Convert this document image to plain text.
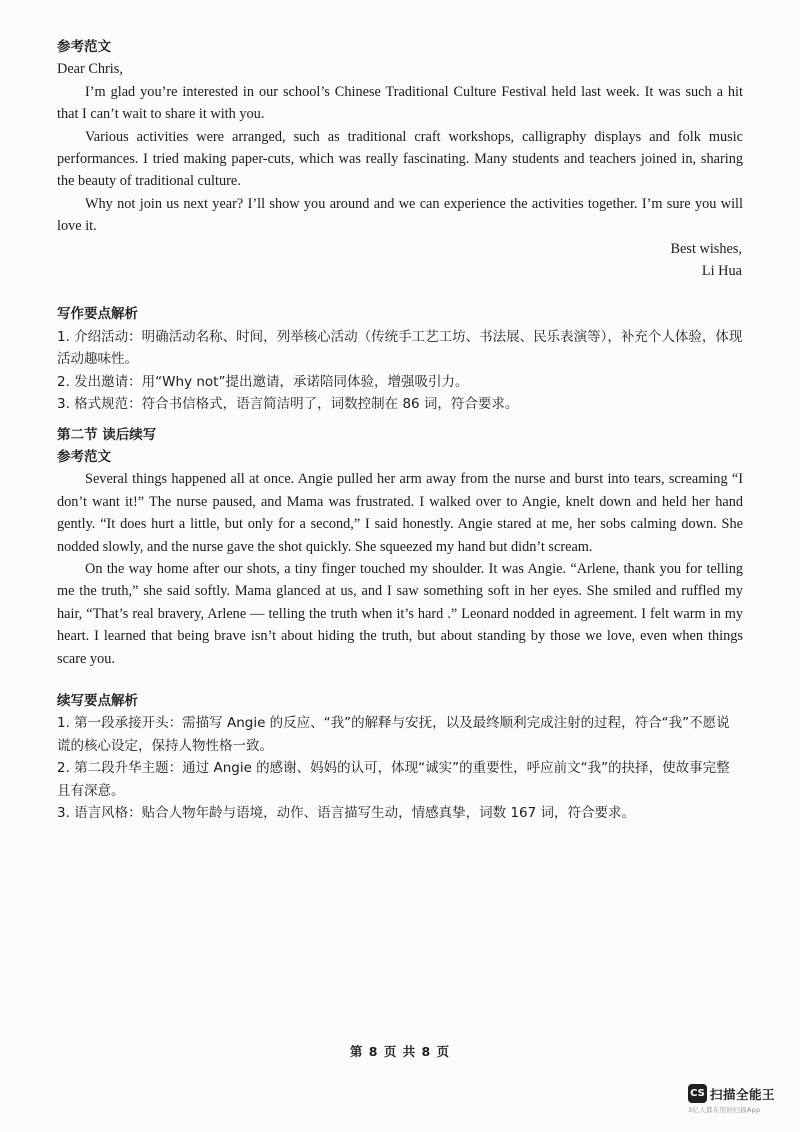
参考范文

Dear Chris,

I’m glad you’re interested in our school’s Chinese Traditional Culture Festival held last week. It was such a hit that I can’t wait to share it with you.

Various activities were arranged, such as traditional craft workshops, calligraphy displays and folk music performances. I tried making paper-cuts, which was really fascinating. Many students and teachers joined in, sharing the beauty of traditional culture.

Why not join us next year? I’ll show you around and we can experience the activities together. I’m sure you will love it.

Best wishes,

Li Hua

写作要点解析

1. 介绍活动：明确活动名称、时间，列举核心活动（传统手工艺工坊、书法展、民乐表演等），补充个人体验，体现活动趣味性。

2. 发出邀请：用“Why not”提出邀请，承诺陪同体验，增强吸引力。

3. 格式规范：符合书信格式，语言简洁明了，词数控制在 86 词，符合要求。

第二节 读后续写

参考范文

Several things happened all at once. Angie pulled her arm away from the nurse and burst into tears, screaming “I don’t want it!” The nurse paused, and Mama was frustrated. I walked over to Angie, knelt down and held her hand gently. “It does hurt a little, but only for a second,” I said honestly. Angie stared at me, her sobs calming down. She nodded slowly, and the nurse gave the shot quickly. She squeezed my hand but didn’t scream.

On the way home after our shots, a tiny finger touched my shoulder. It was Angie. “Arlene, thank you for telling me the truth,” she said softly. Mama glanced at us, and I saw something soft in her eyes. She smiled and ruffled my hair, “That’s real bravery, Arlene — telling the truth when it’s hard .” Leonard nodded in agreement. I felt warm in my heart. I learned that being brave isn’t about hiding the truth, but about standing by those we love, even when things scare you.

续写要点解析

1. 第一段承接开头：需描写 Angie 的反应、“我”的解释与安抚，以及最终顺利完成注射的过程，符合“我”不愿说谎的核心设定，保持人物性格一致。

2. 第二段升华主题：通过 Angie 的感谢、妈妈的认可，体现“诚实”的重要性，呼应前文“我”的抉择，使故事完整且有深意。

3. 语言风格：贴合人物年龄与语境，动作、语言描写生动，情感真挚，词数 167 词，符合要求。

第 8 页 共 8 页
CS 扫描全能王
3亿人都在用的扫描App
